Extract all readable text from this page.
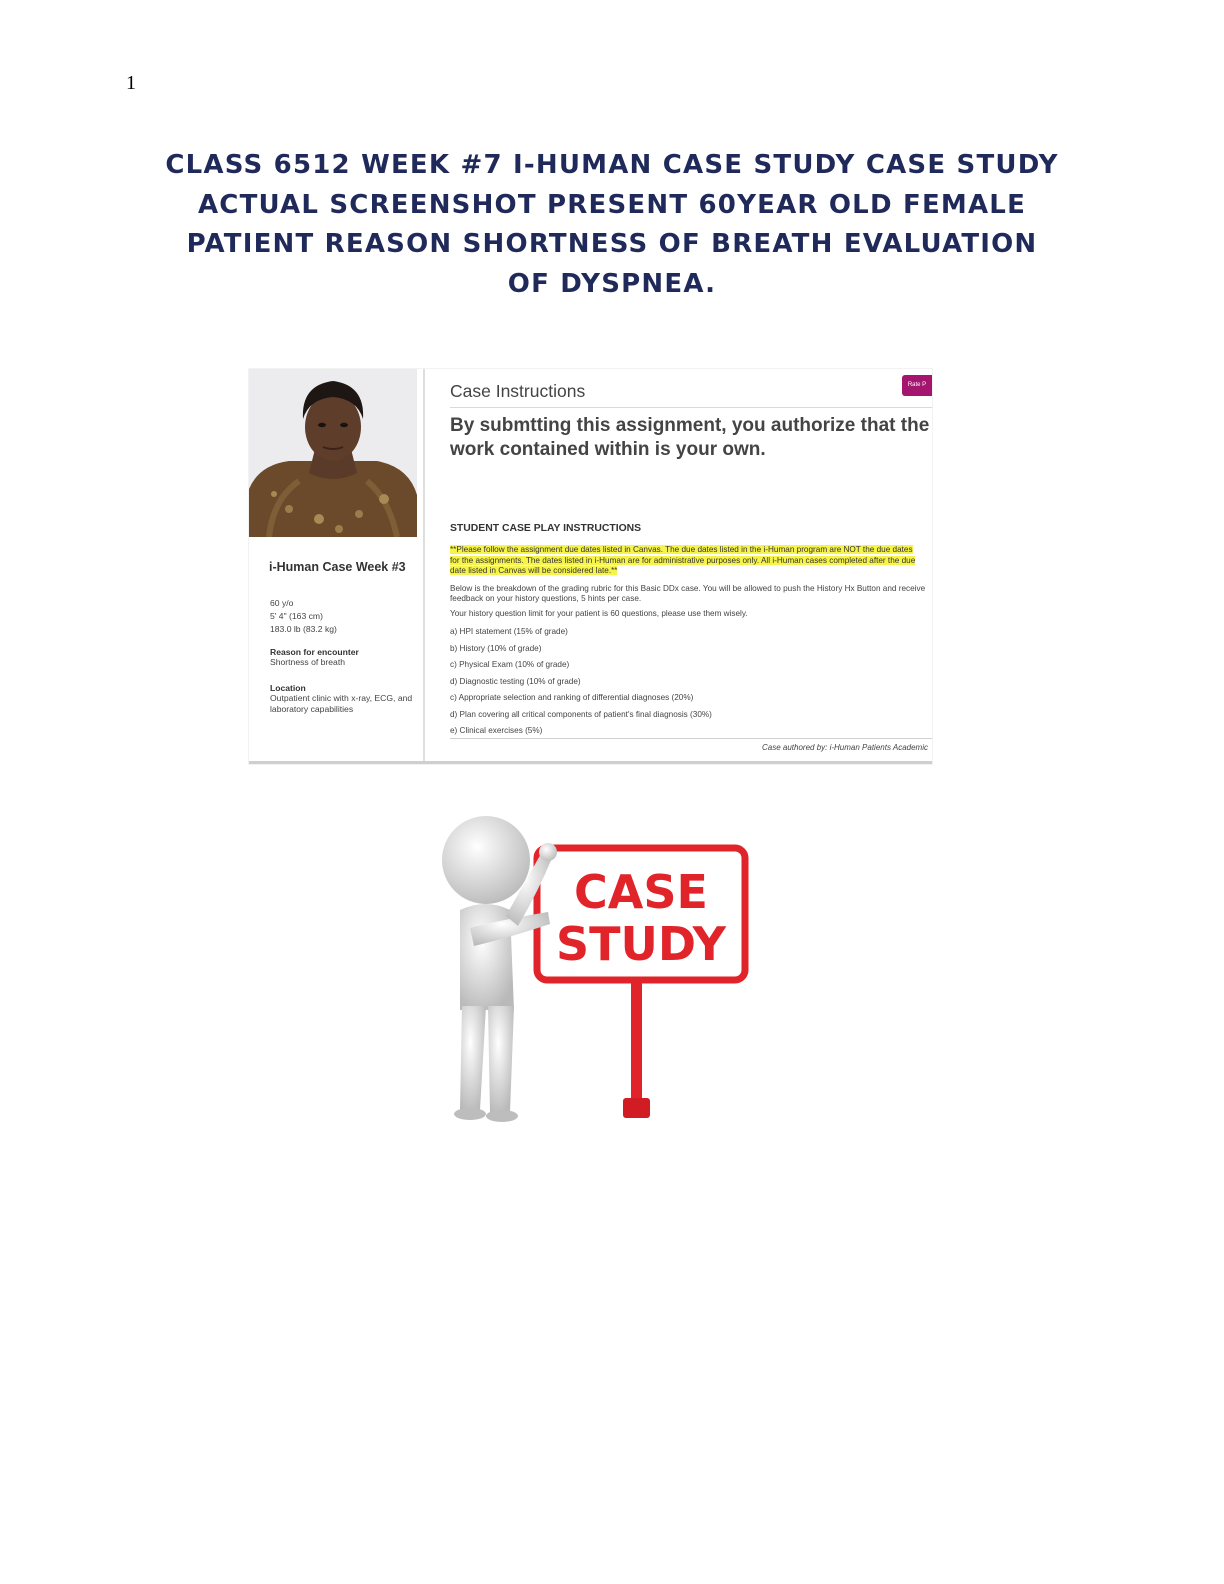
1
CLASS 6512 WEEK #7 I-HUMAN CASE STUDY CASE STUDY
ACTUAL SCREENSHOT PRESENT 60YEAR OLD FEMALE
PATIENT REASON SHORTNESS OF BREATH EVALUATION
OF DYSPNEA.
i-Human Case Week #3
60 y/o
5' 4" (163 cm)
183.0 lb (83.2 kg)
Reason for encounter
Shortness of breath
Location
Outpatient clinic with x-ray, ECG, and laboratory capabilities
Case Instructions	Rate P

By submtting this assignment, you authorize that the work contained within is your own.

STUDENT CASE PLAY INSTRUCTIONS
**Please follow the assignment due dates listed in Canvas. The due dates listed in the i-Human program are NOT the due dates for the assignments. The dates listed in i-Human are for administrative purposes only. All i-Human cases completed after the due date listed in Canvas will be considered late.**

Below is the breakdown of the grading rubric for this Basic DDx case. You will be allowed to push the History Hx Button and receive feedback on your history questions, 5 hints per case.

Your history question limit for your patient is 60 questions, please use them wisely.

a) HPI statement (15% of grade)
b) History (10% of grade)
c) Physical Exam (10% of grade)
d) Diagnostic testing (10% of grade)
c) Appropriate selection and ranking of differential diagnoses (20%)
d) Plan covering all critical components of patient's final diagnosis (30%)
e) Clinical exercises (5%)
Case authored by: i-Human Patients Academic
CASE
STUDY
